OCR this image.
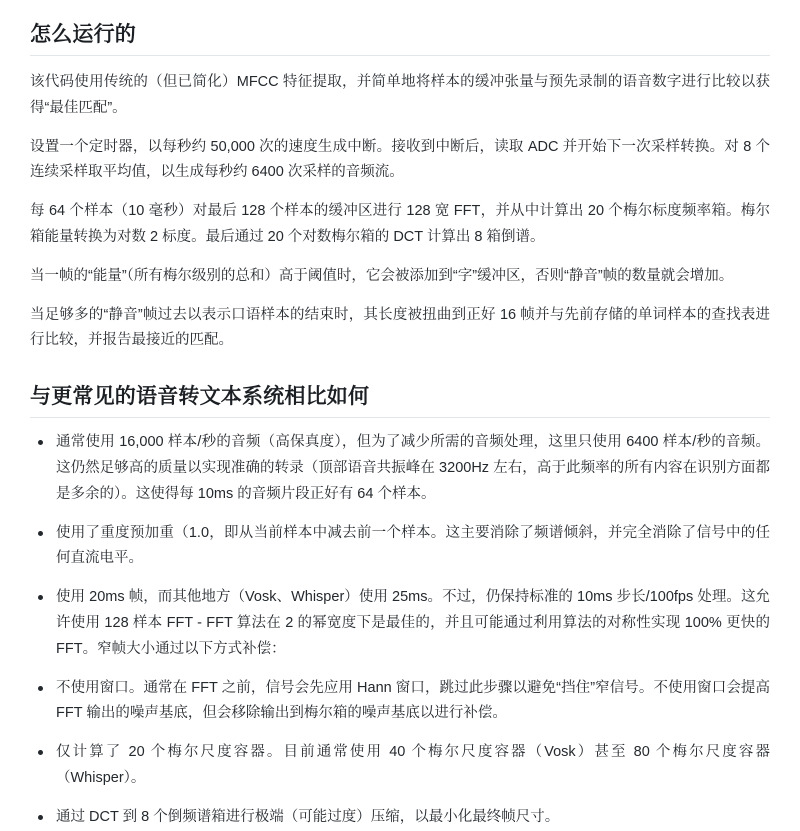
怎么运行的

该代码使用传统的（但已简化）MFCC 特征提取，并简单地将样本的缓冲张量与预先录制的语音数字进行比较以获得“最佳匹配”。

设置一个定时器，以每秒约 50,000 次的速度生成中断。接收到中断后，读取 ADC 并开始下一次采样转换。对 8 个连续采样取平均值，以生成每秒约 6400 次采样的音频流。

每 64 个样本（10 毫秒）对最后 128 个样本的缓冲区进行 128 宽 FFT，并从中计算出 20 个梅尔标度频率箱。梅尔箱能量转换为对数 2 标度。最后通过 20 个对数梅尔箱的 DCT 计算出 8 箱倒谱。

当一帧的“能量”（所有梅尔级别的总和）高于阈值时，它会被添加到“字”缓冲区，否则“静音”帧的数量就会增加。

当足够多的“静音”帧过去以表示口语样本的结束时，其长度被扭曲到正好 16 帧并与先前存储的单词样本的查找表进行比较，并报告最接近的匹配。

与更常见的语音转文本系统相比如何
通常使用 16,000 样本/秒的音频（高保真度），但为了减少所需的音频处理，这里只使用 6400 样本/秒的音频。这仍然足够高的质量以实现准确的转录（顶部语音共振峰在 3200Hz 左右，高于此频率的所有内容在识别方面都是多余的）。这使得每 10ms 的音频片段正好有 64 个样本。
使用了重度预加重（1.0，即从当前样本中减去前一个样本。这主要消除了频谱倾斜，并完全消除了信号中的任何直流电平。
使用 20ms 帧，而其他地方（Vosk、Whisper）使用 25ms。不过，仍保持标准的 10ms 步长/100fps 处理。这允许使用 128 样本 FFT - FFT 算法在 2 的幂宽度下是最佳的，并且可能通过利用算法的对称性实现 100% 更快的 FFT。窄帧大小通过以下方式补偿：
不使用窗口。通常在 FFT 之前，信号会先应用 Hann 窗口，跳过此步骤以避免“挡住”窄信号。不使用窗口会提高 FFT 输出的噪声基底，但会移除输出到梅尔箱的噪声基底以进行补偿。
仅计算了 20 个梅尔尺度容器。目前通常使用 40 个梅尔尺度容器（Vosk）甚至 80 个梅尔尺度容器（Whisper）。
通过 DCT 到 8 个倒频谱箱进行极端（可能过度）压缩，以最小化最终帧尺寸。
